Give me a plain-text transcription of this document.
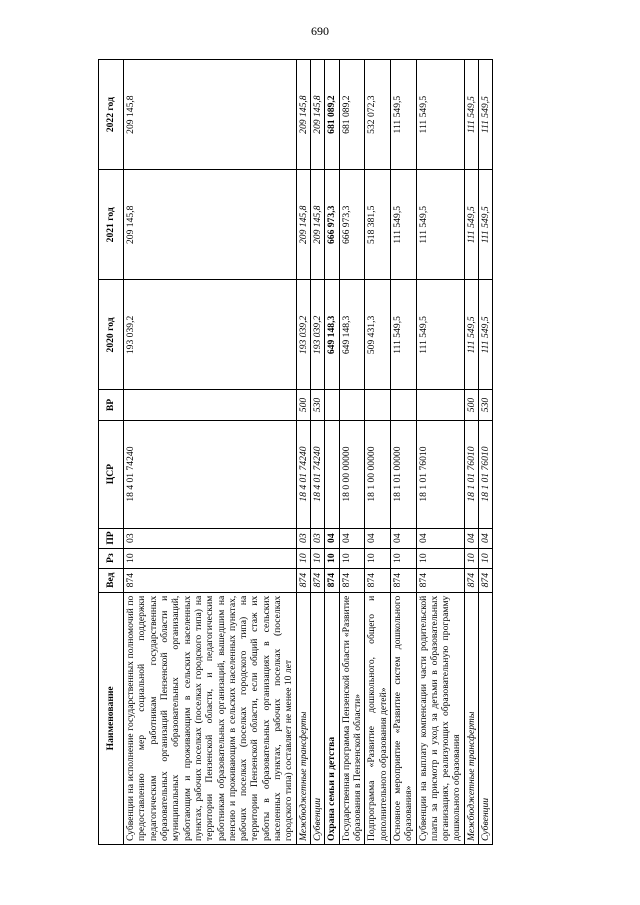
690
Наименование	Вед	Рз	ПР	ЦСР	ВР	2020 год	2021 год	2022 год
Субвенции на исполнение государственных полномочий по предоставлению мер социальной поддержки педагогическим работникам государственных образовательных организаций Пензенской области и муниципальных образовательных организаций, работающим и проживающим в сельских населенных пунктах, рабочих поселках (поселках городского типа) на территории Пензенской области, и педагогическим работникам образовательных организаций, вышедшим на пенсию и проживающим в сельских населенных пунктах, рабочих поселках (поселках городского типа) на территории Пензенской области, если общий стаж их работы в образовательных организациях в сельских населенных пунктах, рабочих поселках (поселках городского типа) составляет не менее 10 лет	874	10	03	18 4 01 74240		193 039,2	209 145,8	209 145,8
Межбюджетные трансферты	874	10	03	18 4 01 74240	500	193 039,2	209 145,8	209 145,8
Субвенции	874	10	03	18 4 01 74240	530	193 039,2	209 145,8	209 145,8
Охрана семьи и детства	874	10	04			649 148,3	666 973,3	681 089,2
Государственная программа Пензенской области «Развитие образования в Пензенской области»	874	10	04	18 0 00 00000		649 148,3	666 973,3	681 089,2
Подпрограмма «Развитие дошкольного, общего и дополнительного образования детей»	874	10	04	18 1 00 00000		509 431,3	518 381,5	532 072,3
Основное мероприятие «Развитие систем дошкольного образования»	874	10	04	18 1 01 00000		111 549,5	111 549,5	111 549,5
Субвенции на выплату компенсации части родительской платы за присмотр и уход за детьми в образовательных организациях, реализующих образовательную программу дошкольного образования	874	10	04	18 1 01 76010		111 549,5	111 549,5	111 549,5
Межбюджетные трансферты	874	10	04	18 1 01 76010	500	111 549,5	111 549,5	111 549,5
Субвенции	874	10	04	18 1 01 76010	530	111 549,5	111 549,5	111 549,5
